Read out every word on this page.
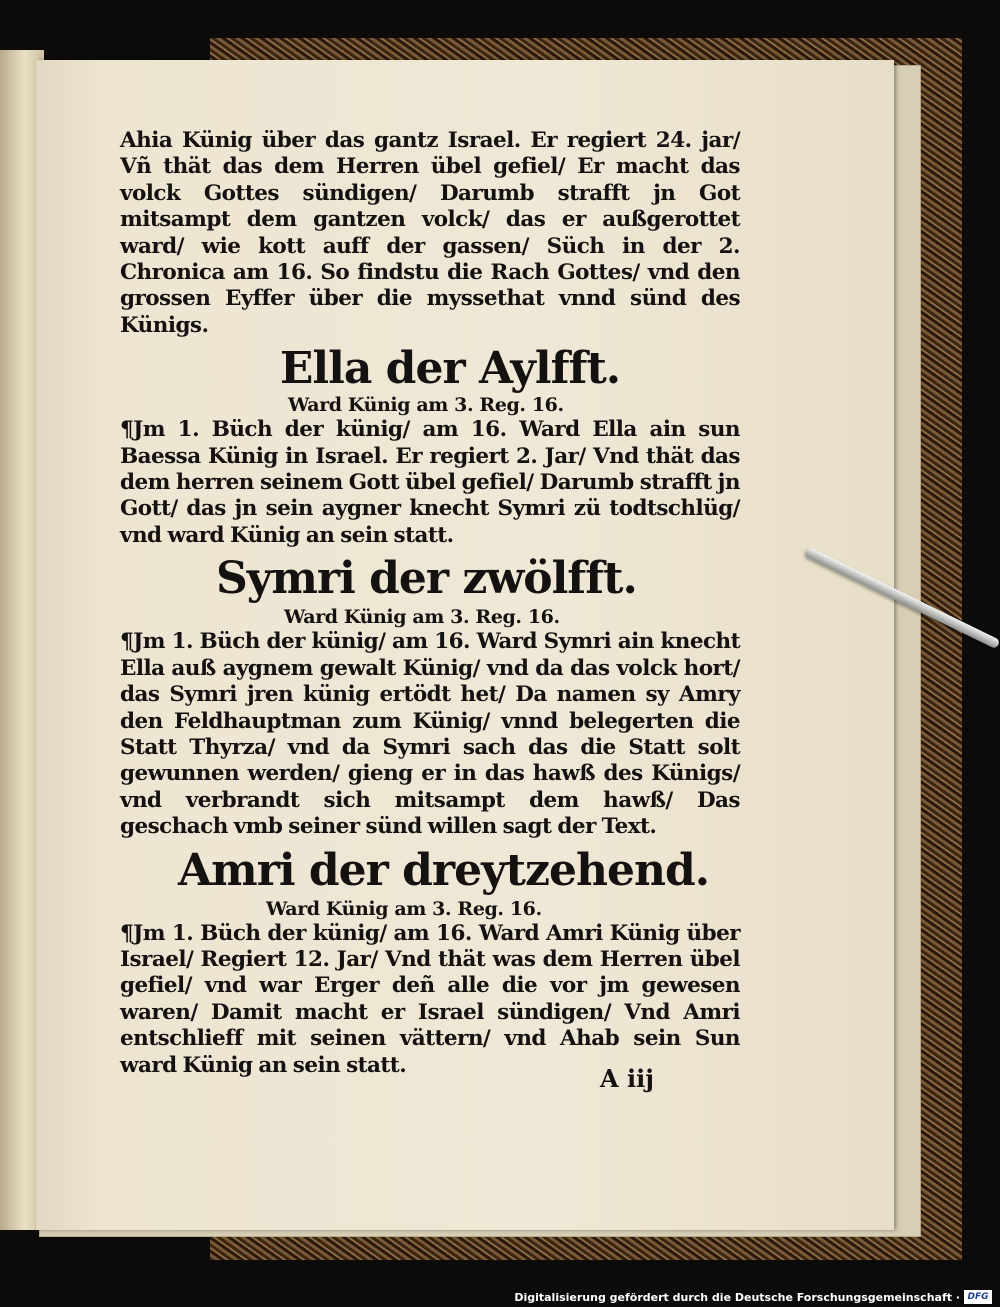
Ahia Künig über das gantz Israel. Er regiert 24. jar/ Vñ thät das dem Herren übel gefiel/ Er macht das volck Gottes sündigen/ Darumb strafft jn Got mitsampt dem gantzen volck/ das er außgerottet ward/ wie kott auff der gassen/ Süch in der 2. Chronica am 16. So findstu die Rach Gottes/ vnd den grossen Eyffer über die myssethat vnnd sünd des Künigs.

Ella der Aylfft.

Ward Künig am 3. Reg. 16.

¶Jm 1. Büch der künig/ am 16. Ward Ella ain sun Baessa Künig in Israel. Er regiert 2. Jar/ Vnd thät das dem herren seinem Gott übel gefiel/ Darumb strafft jn Gott/ das jn sein aygner knecht Symri zü todtschlüg/ vnd ward Künig an sein statt.

Symri der zwölfft.

Ward Künig am 3. Reg. 16.

¶Jm 1. Büch der künig/ am 16. Ward Symri ain knecht Ella auß aygnem gewalt Künig/ vnd da das volck hort/ das Symri jren künig ertödt het/ Da namen sy Amry den Feldhauptman zum Künig/ vnnd belegerten die Statt Thyrza/ vnd da Symri sach das die Statt solt gewunnen werden/ gieng er in das hawß des Künigs/ vnd verbrandt sich mitsampt dem hawß/ Das geschach vmb seiner sünd willen sagt der Text.

Amri der dreytzehend.

Ward Künig am 3. Reg. 16.

¶Jm 1. Büch der künig/ am 16. Ward Amri Künig über Israel/ Regiert 12. Jar/ Vnd thät was dem Herren übel gefiel/ vnd war Erger deñ alle die vor jm gewesen waren/ Damit macht er Israel sündigen/ Vnd Amri entschlieff mit seinen vättern/ vnd Ahab sein Sun ward Künig an sein statt.	A iij
Digitalisierung gefördert durch die Deutsche Forschungsgemeinschaft · DFG
